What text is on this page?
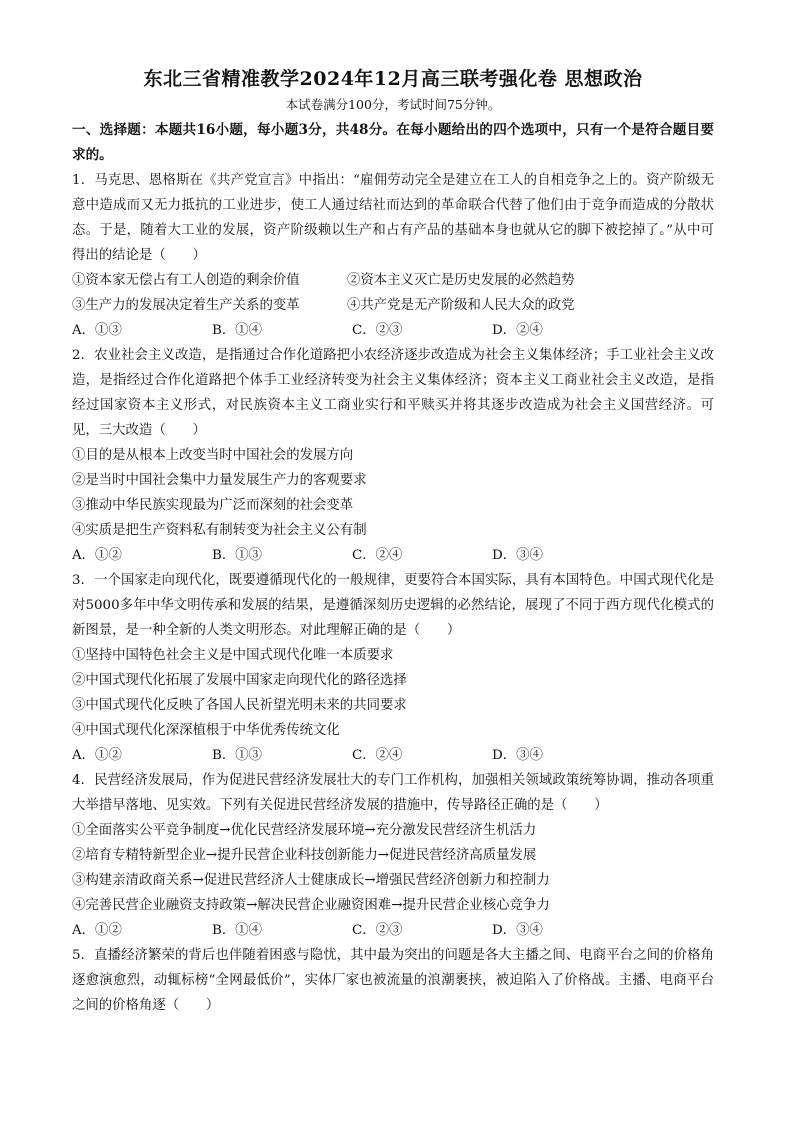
东北三省精准教学2024年12月高三联考强化卷 思想政治
本试卷满分100分，考试时间75分钟。
一、选择题：本题共16小题，每小题3分，共48分。在每小题给出的四个选项中，只有一个是符合题目要求的。

1．马克思、恩格斯在《共产党宣言》中指出：“雇佣劳动完全是建立在工人的自相竞争之上的。资产阶级无意中造成而又无力抵抗的工业进步，使工人通过结社而达到的革命联合代替了他们由于竞争而造成的分散状态。于是，随着大工业的发展，资产阶级赖以生产和占有产品的基础本身也就从它的脚下被挖掉了。”从中可得出的结论是（　　）

①资本家无偿占有工人创造的剩余价值	②资本主义灭亡是历史发展的必然趋势
③生产力的发展决定着生产关系的变革	④共产党是无产阶级和人民大众的政党
A．①③	B．①④	C．②③	D．②④

2．农业社会主义改造，是指通过合作化道路把小农经济逐步改造成为社会主义集体经济；手工业社会主义改造，是指经过合作化道路把个体手工业经济转变为社会主义集体经济；资本主义工商业社会主义改造，是指经过国家资本主义形式，对民族资本主义工商业实行和平赎买并将其逐步改造成为社会主义国营经济。可见，三大改造（　　）

①目的是从根本上改变当时中国社会的发展方向

②是当时中国社会集中力量发展生产力的客观要求

③推动中华民族实现最为广泛而深刻的社会变革

④实质是把生产资料私有制转变为社会主义公有制

A．①②	B．①③	C．②④	D．③④

3．一个国家走向现代化，既要遵循现代化的一般规律，更要符合本国实际，具有本国特色。中国式现代化是对5000多年中华文明传承和发展的结果，是遵循深刻历史逻辑的必然结论，展现了不同于西方现代化模式的新图景，是一种全新的人类文明形态。对此理解正确的是（　　）

①坚持中国特色社会主义是中国式现代化唯一本质要求

②中国式现代化拓展了发展中国家走向现代化的路径选择

③中国式现代化反映了各国人民祈望光明未来的共同要求

④中国式现代化深深植根于中华优秀传统文化

A．①②	B．①③	C．②④	D．③④

4．民营经济发展局，作为促进民营经济发展壮大的专门工作机构，加强相关领域政策统筹协调，推动各项重大举措早落地、见实效。下列有关促进民营经济发展的措施中，传导路径正确的是（　　）

①全面落实公平竞争制度→优化民营经济发展环境→充分激发民营经济生机活力

②培育专精特新型企业→提升民营企业科技创新能力→促进民营经济高质量发展

③构建亲清政商关系→促进民营经济人士健康成长→增强民营经济创新力和控制力

④完善民营企业融资支持政策→解决民营企业融资困难→提升民营企业核心竞争力

A．①②	B．①④	C．②③	D．③④

5．直播经济繁荣的背后也伴随着困惑与隐忧，其中最为突出的问题是各大主播之间、电商平台之间的价格角逐愈演愈烈，动辄标榜“全网最低价”，实体厂家也被流量的浪潮裹挟，被迫陷入了价格战。主播、电商平台之间的价格角逐（　　）
